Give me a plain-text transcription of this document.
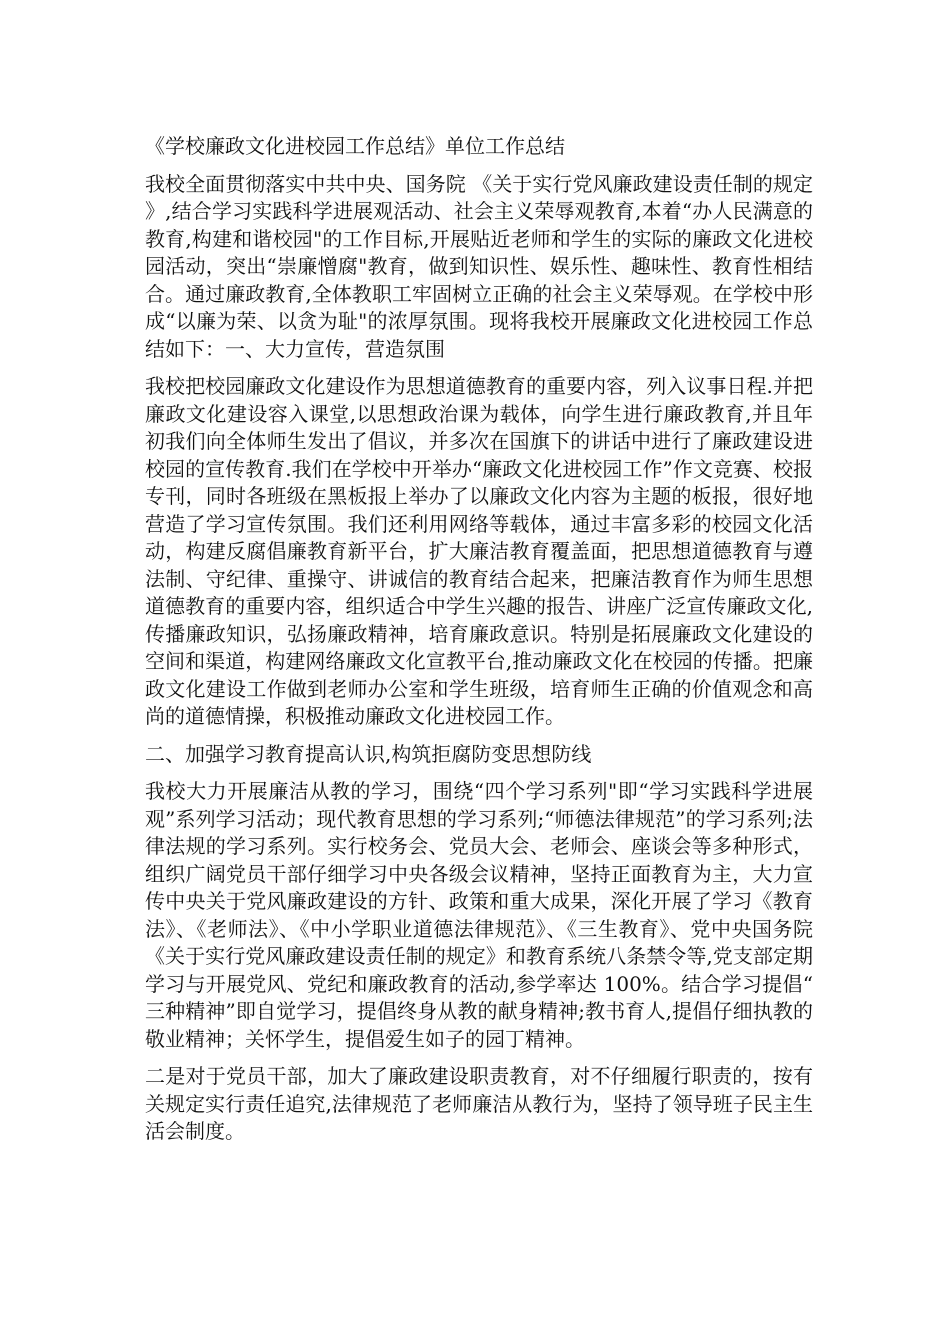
《学校廉政文化进校园工作总结》单位工作总结

我校全面贯彻落实中共中央、国务院 《关于实行党风廉政建设责任制的规定》,结合学习实践科学进展观活动、社会主义荣辱观教育,本着“办人民满意的教育,构建和谐校园"的工作目标,开展贴近老师和学生的实际的廉政文化进校园活动，突出“崇廉憎腐"教育，做到知识性、娱乐性、趣味性、教育性相结合。通过廉政教育,全体教职工牢固树立正确的社会主义荣辱观。在学校中形成“以廉为荣、以贪为耻"的浓厚氛围。现将我校开展廉政文化进校园工作总结如下：一、大力宣传，营造氛围

我校把校园廉政文化建设作为思想道德教育的重要内容，列入议事日程.并把廉政文化建设容入课堂,以思想政治课为载体，向学生进行廉政教育,并且年初我们向全体师生发出了倡议，并多次在国旗下的讲话中进行了廉政建设进校园的宣传教育.我们在学校中开举办“廉政文化进校园工作”作文竞赛、校报专刊，同时各班级在黑板报上举办了以廉政文化内容为主题的板报，很好地营造了学习宣传氛围。我们还利用网络等载体，通过丰富多彩的校园文化活动，构建反腐倡廉教育新平台，扩大廉洁教育覆盖面，把思想道德教育与遵法制、守纪律、重操守、讲诚信的教育结合起来，把廉洁教育作为师生思想道德教育的重要内容，组织适合中学生兴趣的报告、讲座广泛宣传廉政文化,传播廉政知识，弘扬廉政精神，培育廉政意识。特别是拓展廉政文化建设的空间和渠道，构建网络廉政文化宣教平台,推动廉政文化在校园的传播。把廉政文化建设工作做到老师办公室和学生班级，培育师生正确的价值观念和高尚的道德情操，积极推动廉政文化进校园工作。

二、加强学习教育提高认识,构筑拒腐防变思想防线

我校大力开展廉洁从教的学习，围绕“四个学习系列"即“学习实践科学进展观”系列学习活动；现代教育思想的学习系列;“师德法律规范”的学习系列;法律法规的学习系列。实行校务会、党员大会、老师会、座谈会等多种形式，组织广阔党员干部仔细学习中央各级会议精神，坚持正面教育为主，大力宣传中央关于党风廉政建设的方针、政策和重大成果，深化开展了学习《教育法》、《老师法》、《中小学职业道德法律规范》、《三生教育》、党中央国务院《关于实行党风廉政建设责任制的规定》和教育系统八条禁令等,党支部定期学习与开展党风、党纪和廉政教育的活动,参学率达 100%。结合学习提倡“三种精神”即自觉学习，提倡终身从教的献身精神;教书育人,提倡仔细执教的敬业精神；关怀学生，提倡爱生如子的园丁精神。

二是对于党员干部，加大了廉政建设职责教育，对不仔细履行职责的，按有关规定实行责任追究,法律规范了老师廉洁从教行为，坚持了领导班子民主生活会制度。
